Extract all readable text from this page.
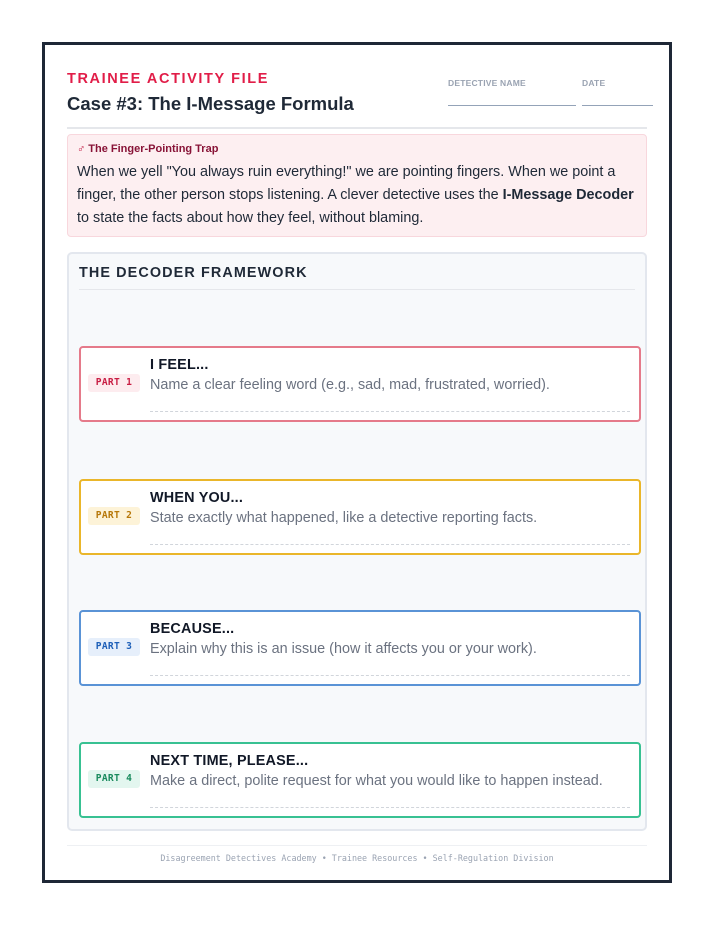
TRAINEE ACTIVITY FILE
Case #3: The I-Message Formula
DETECTIVE NAME	DATE
♂ The Finger-Pointing Trap
When we yell "You always ruin everything!" we are pointing fingers. When we point a finger, the other person stops listening. A clever detective uses the I-Message Decoder to state the facts about how they feel, without blaming.
THE DECODER FRAMEWORK
PART 1
I FEEL...
Name a clear feeling word (e.g., sad, mad, frustrated, worried).
PART 2
WHEN YOU...
State exactly what happened, like a detective reporting facts.
PART 3
BECAUSE...
Explain why this is an issue (how it affects you or your work).
PART 4
NEXT TIME, PLEASE...
Make a direct, polite request for what you would like to happen instead.
Disagreement Detectives Academy • Trainee Resources • Self-Regulation Division
